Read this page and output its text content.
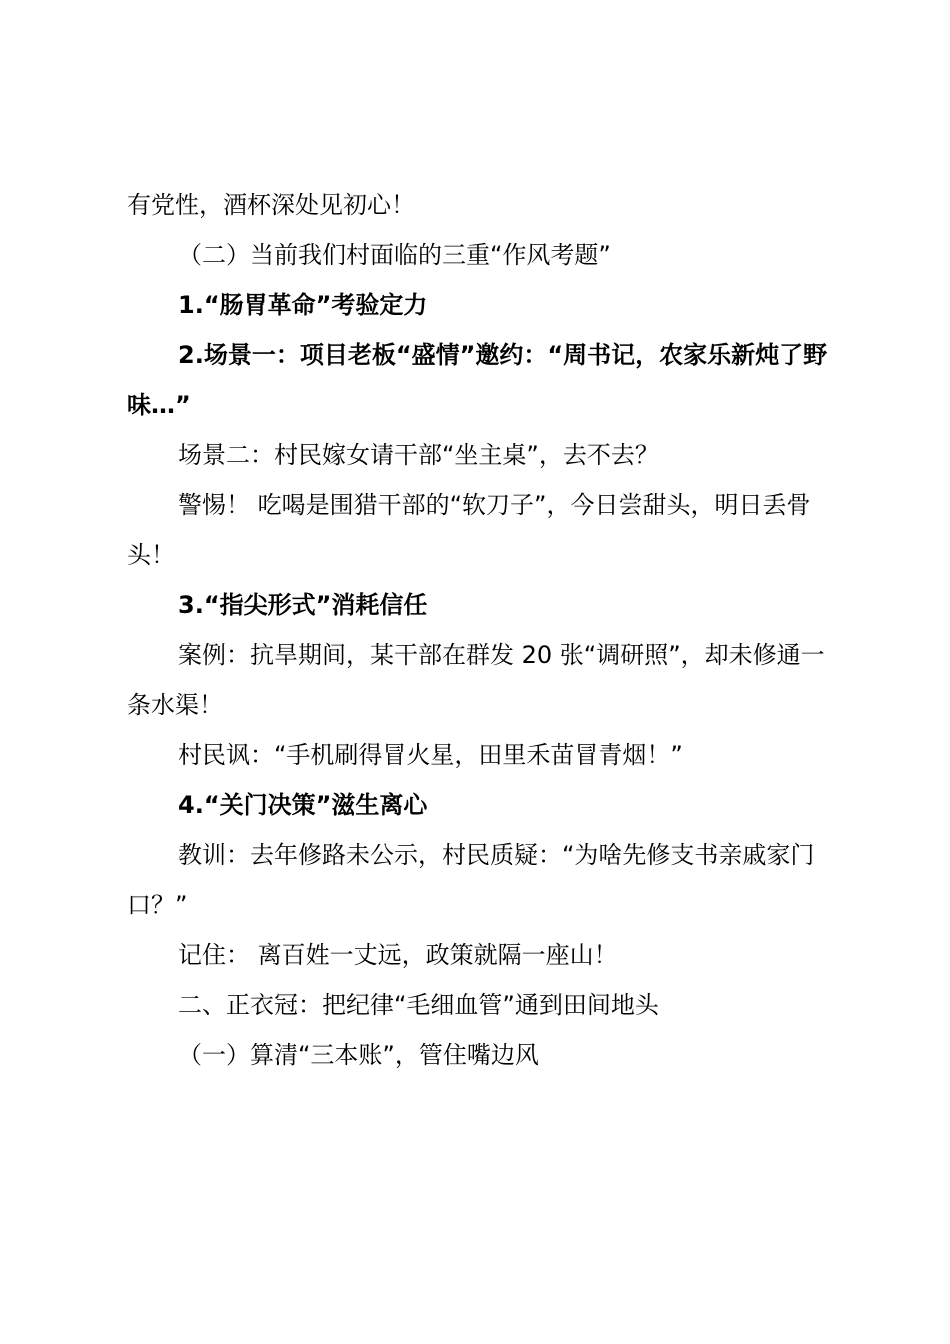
有党性，酒杯深处见初心！

（二）当前我们村面临的三重“作风考题”

1.“肠胃革命”考验定力

2.场景一：项目老板“盛情”邀约：“周书记，农家乐新炖了野味…”

场景二：村民嫁女请干部“坐主桌”，去不去？

警惕！ 吃喝是围猎干部的“软刀子”，今日尝甜头，明日丢骨头！

3.“指尖形式”消耗信任

案例：抗旱期间，某干部在群发 20 张“调研照”，却未修通一条水渠！

村民讽：“手机刷得冒火星，田里禾苗冒青烟！”

4.“关门决策”滋生离心

教训：去年修路未公示，村民质疑：“为啥先修支书亲戚家门口？”

记住： 离百姓一丈远，政策就隔一座山！

二、正衣冠：把纪律“毛细血管”通到田间地头

（一）算清“三本账”，管住嘴边风
